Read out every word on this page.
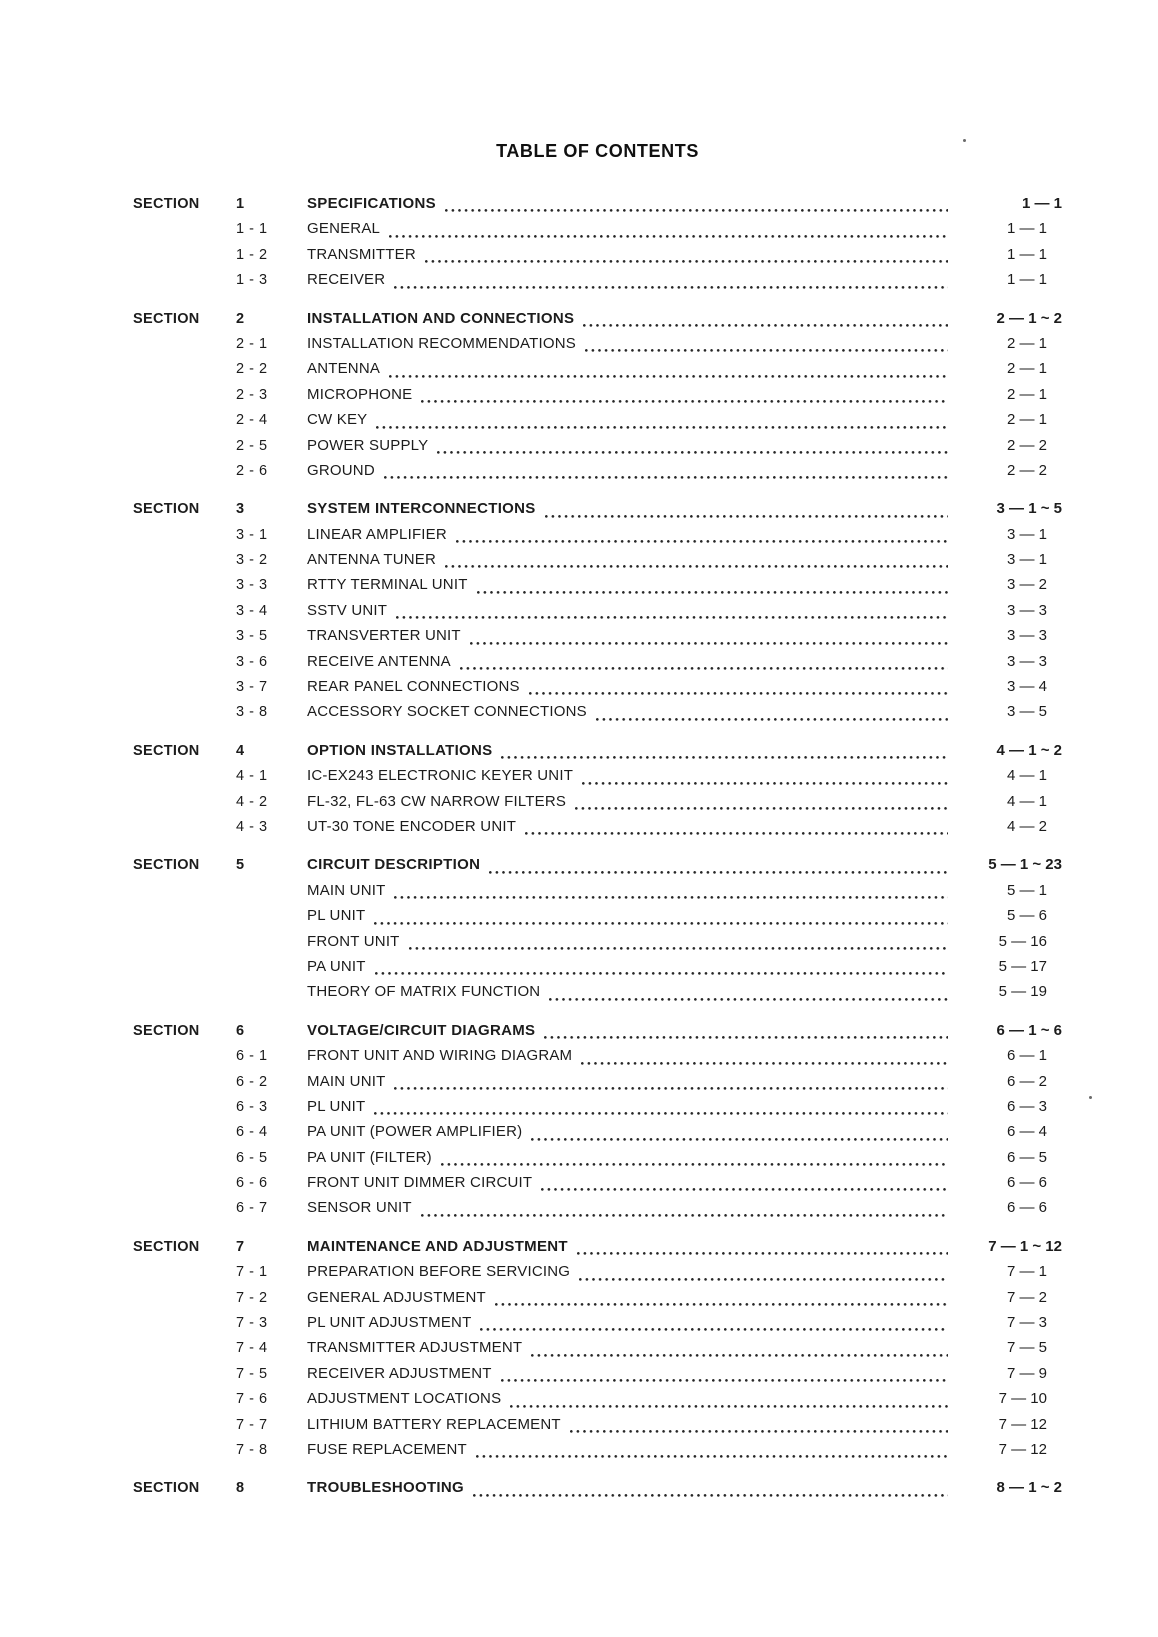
TABLE OF CONTENTS
SECTION	1	SPECIFICATIONS	1 — 1
1 - 1	GENERAL	1 — 1
1 - 2	TRANSMITTER	1 — 1
1 - 3	RECEIVER	1 — 1
SECTION	2	INSTALLATION AND CONNECTIONS	2 — 1 ~ 2
2 - 1	INSTALLATION RECOMMENDATIONS	2 — 1
2 - 2	ANTENNA	2 — 1
2 - 3	MICROPHONE	2 — 1
2 - 4	CW KEY	2 — 1
2 - 5	POWER SUPPLY	2 — 2
2 - 6	GROUND	2 — 2
SECTION	3	SYSTEM INTERCONNECTIONS	3 — 1 ~ 5
3 - 1	LINEAR AMPLIFIER	3 — 1
3 - 2	ANTENNA TUNER	3 — 1
3 - 3	RTTY TERMINAL UNIT	3 — 2
3 - 4	SSTV UNIT	3 — 3
3 - 5	TRANSVERTER UNIT	3 — 3
3 - 6	RECEIVE ANTENNA	3 — 3
3 - 7	REAR PANEL CONNECTIONS	3 — 4
3 - 8	ACCESSORY SOCKET CONNECTIONS	3 — 5
SECTION	4	OPTION INSTALLATIONS	4 — 1 ~ 2
4 - 1	IC-EX243 ELECTRONIC KEYER UNIT	4 — 1
4 - 2	FL-32, FL-63 CW NARROW FILTERS	4 — 1
4 - 3	UT-30 TONE ENCODER UNIT	4 — 2
SECTION	5	CIRCUIT DESCRIPTION	5 — 1 ~ 23
MAIN UNIT	5 — 1
PL UNIT	5 — 6
FRONT UNIT	5 — 16
PA UNIT	5 — 17
THEORY OF MATRIX FUNCTION	5 — 19
SECTION	6	VOLTAGE/CIRCUIT DIAGRAMS	6 — 1 ~ 6
6 - 1	FRONT UNIT AND WIRING DIAGRAM	6 — 1
6 - 2	MAIN UNIT	6 — 2
6 - 3	PL UNIT	6 — 3
6 - 4	PA UNIT (POWER AMPLIFIER)	6 — 4
6 - 5	PA UNIT (FILTER)	6 — 5
6 - 6	FRONT UNIT DIMMER CIRCUIT	6 — 6
6 - 7	SENSOR UNIT	6 — 6
SECTION	7	MAINTENANCE AND ADJUSTMENT	7 — 1 ~ 12
7 - 1	PREPARATION BEFORE SERVICING	7 — 1
7 - 2	GENERAL ADJUSTMENT	7 — 2
7 - 3	PL UNIT ADJUSTMENT	7 — 3
7 - 4	TRANSMITTER ADJUSTMENT	7 — 5
7 - 5	RECEIVER ADJUSTMENT	7 — 9
7 - 6	ADJUSTMENT LOCATIONS	7 — 10
7 - 7	LITHIUM BATTERY REPLACEMENT	7 — 12
7 - 8	FUSE REPLACEMENT	7 — 12
SECTION	8	TROUBLESHOOTING	8 — 1 ~ 2
